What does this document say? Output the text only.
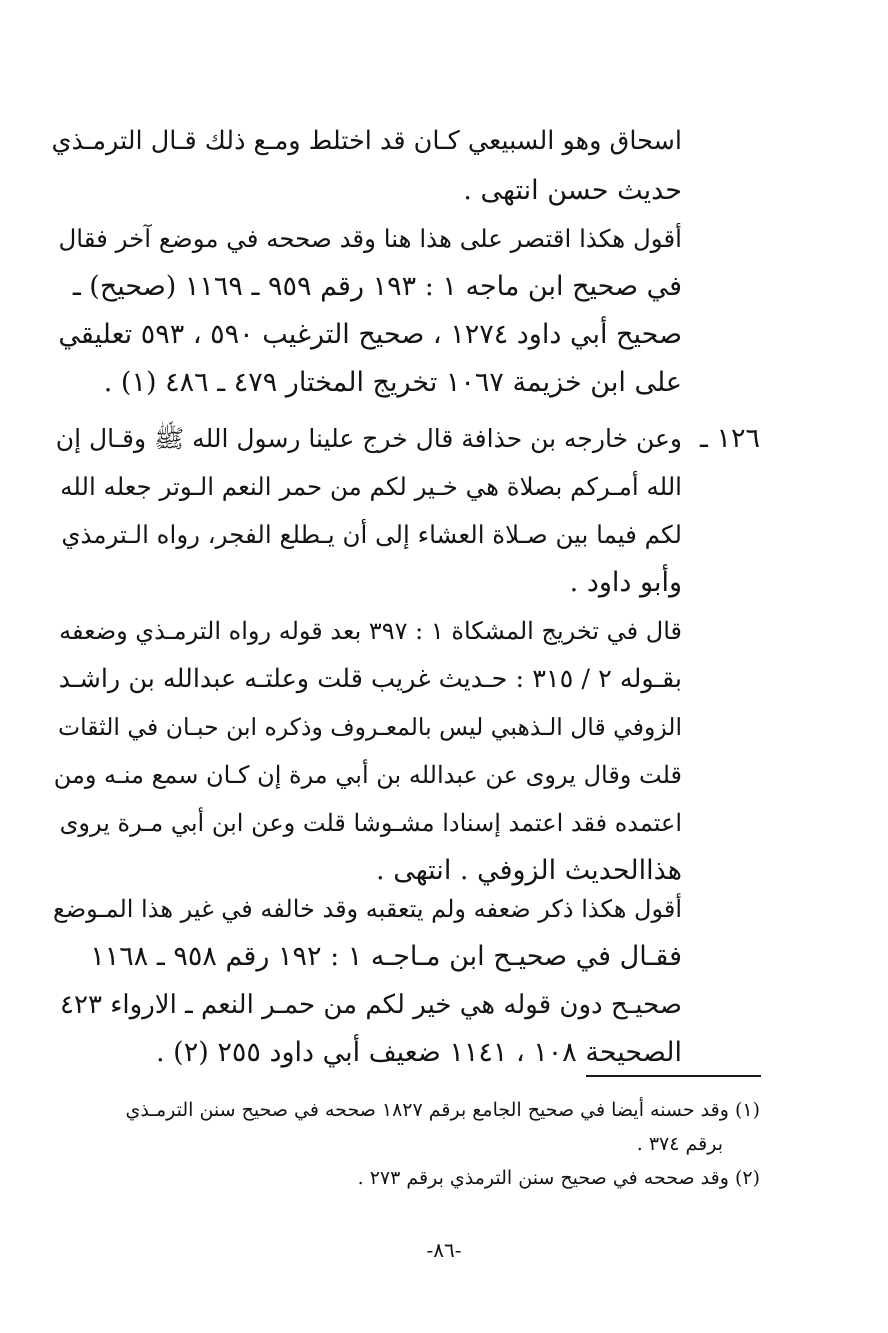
اسحاق وهو السبيعي كـان قد اختلط ومـع ذلك قـال الترمـذي
حديث حسن انتهى .
أقول هكذا اقتصر على هذا هنا وقد صححه في موضع آخر فقال
في صحيح ابن ماجه ١ : ١٩٣ رقم ٩٥٩ ـ ١١٦٩ (صحيح) ـ
صحيح أبي داود ١٢٧٤ ، صحيح الترغيب ٥٩٠ ، ٥٩٣ تعليقي
على ابن خزيمة ١٠٦٧ تخريج المختار ٤٧٩ ـ ٤٨٦ (١) .
١٢٦ ـ
وعن خارجه بن حذافة قال خرج علينا رسول الله ﷺ وقـال إن
الله أمـركم بصلاة هي خـير لكم من حمر النعم الـوتر جعله الله
لكم فيما بين صـلاة العشاء إلى أن يـطلع الفجر، رواه الـترمذي
وأبو داود .
قال في تخريج المشكاة ١ : ٣٩٧ بعد قوله رواه الترمـذي وضعفه
بقـوله ٢ / ٣١٥ : حـديث غريب قلت وعلتـه عبدالله بن راشـد
الزوفي قال الـذهبي ليس بالمعـروف وذكره ابن حبـان في الثقات
قلت وقال يروى عن عبدالله بن أبي مرة إن كـان سمع منـه ومن
اعتمده فقد اعتمد إسنادا مشـوشا قلت وعن ابن أبي مـرة يروى
هذاالحديث الزوفي . انتهى .
أقول هكذا ذكر ضعفه ولم يتعقبه وقد خالفه في غير هذا المـوضع
فقـال في صحيـح ابن مـاجـه ١ : ١٩٢ رقم ٩٥٨ ـ ١١٦٨
صحيـح دون قوله هي خير لكم من حمـر النعم ـ الارواء ٤٢٣
الصحيحة ١٠٨ ، ١١٤١ ضعيف أبي داود ٢٥٥ (٢) .
(١) وقد حسنه أيضا في صحيح الجامع برقم ١٨٢٧ صححه في صحيح سنن الترمـذي
برقم ٣٧٤ .
(٢) وقد صححه في صحيح سنن الترمذي برقم ٢٧٣ .
-٨٦-
